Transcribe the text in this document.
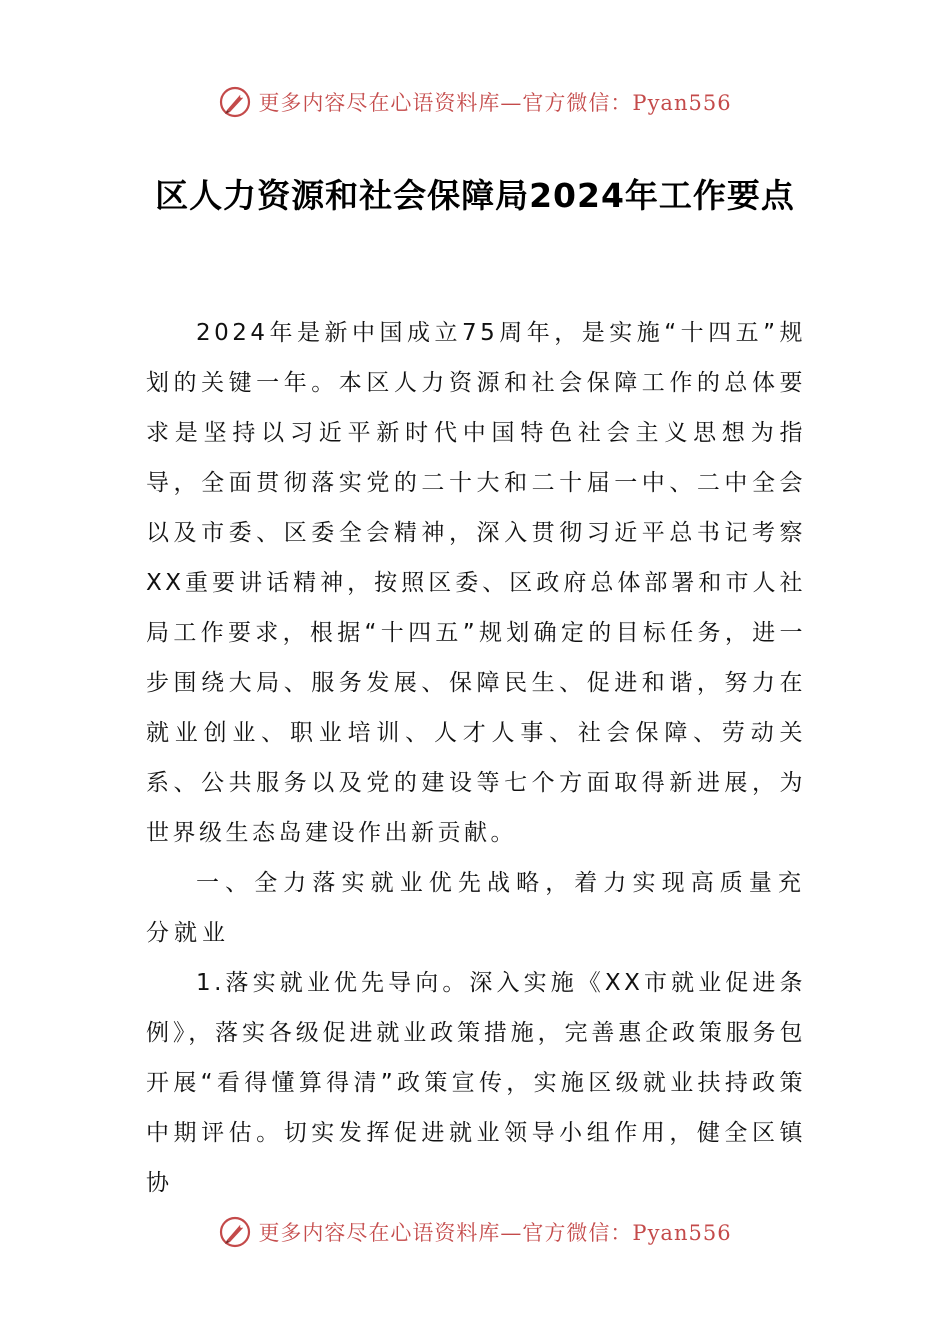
更多内容尽在心语资料库—官方微信：Pyan556
区人力资源和社会保障局2024年工作要点

2024年是新中国成立75周年，是实施“十四五”规划的关键一年。本区人力资源和社会保障工作的总体要求是坚持以习近平新时代中国特色社会主义思想为指导，全面贯彻落实党的二十大和二十届一中、二中全会以及市委、区委全会精神，深入贯彻习近平总书记考察XX重要讲话精神，按照区委、区政府总体部署和市人社局工作要求，根据“十四五”规划确定的目标任务，进一步围绕大局、服务发展、保障民生、促进和谐，努力在就业创业、职业培训、人才人事、社会保障、劳动关系、公共服务以及党的建设等七个方面取得新进展，为世界级生态岛建设作出新贡献。

一、全力落实就业优先战略，着力实现高质量充分就业

1.落实就业优先导向。深入实施《XX市就业促进条例》，落实各级促进就业政策措施，完善惠企政策服务包开展“看得懂算得清”政策宣传，实施区级就业扶持政策中期评估。切实发挥促进就业领导小组作用，健全区镇协

更多内容尽在心语资料库—官方微信：Pyan556
